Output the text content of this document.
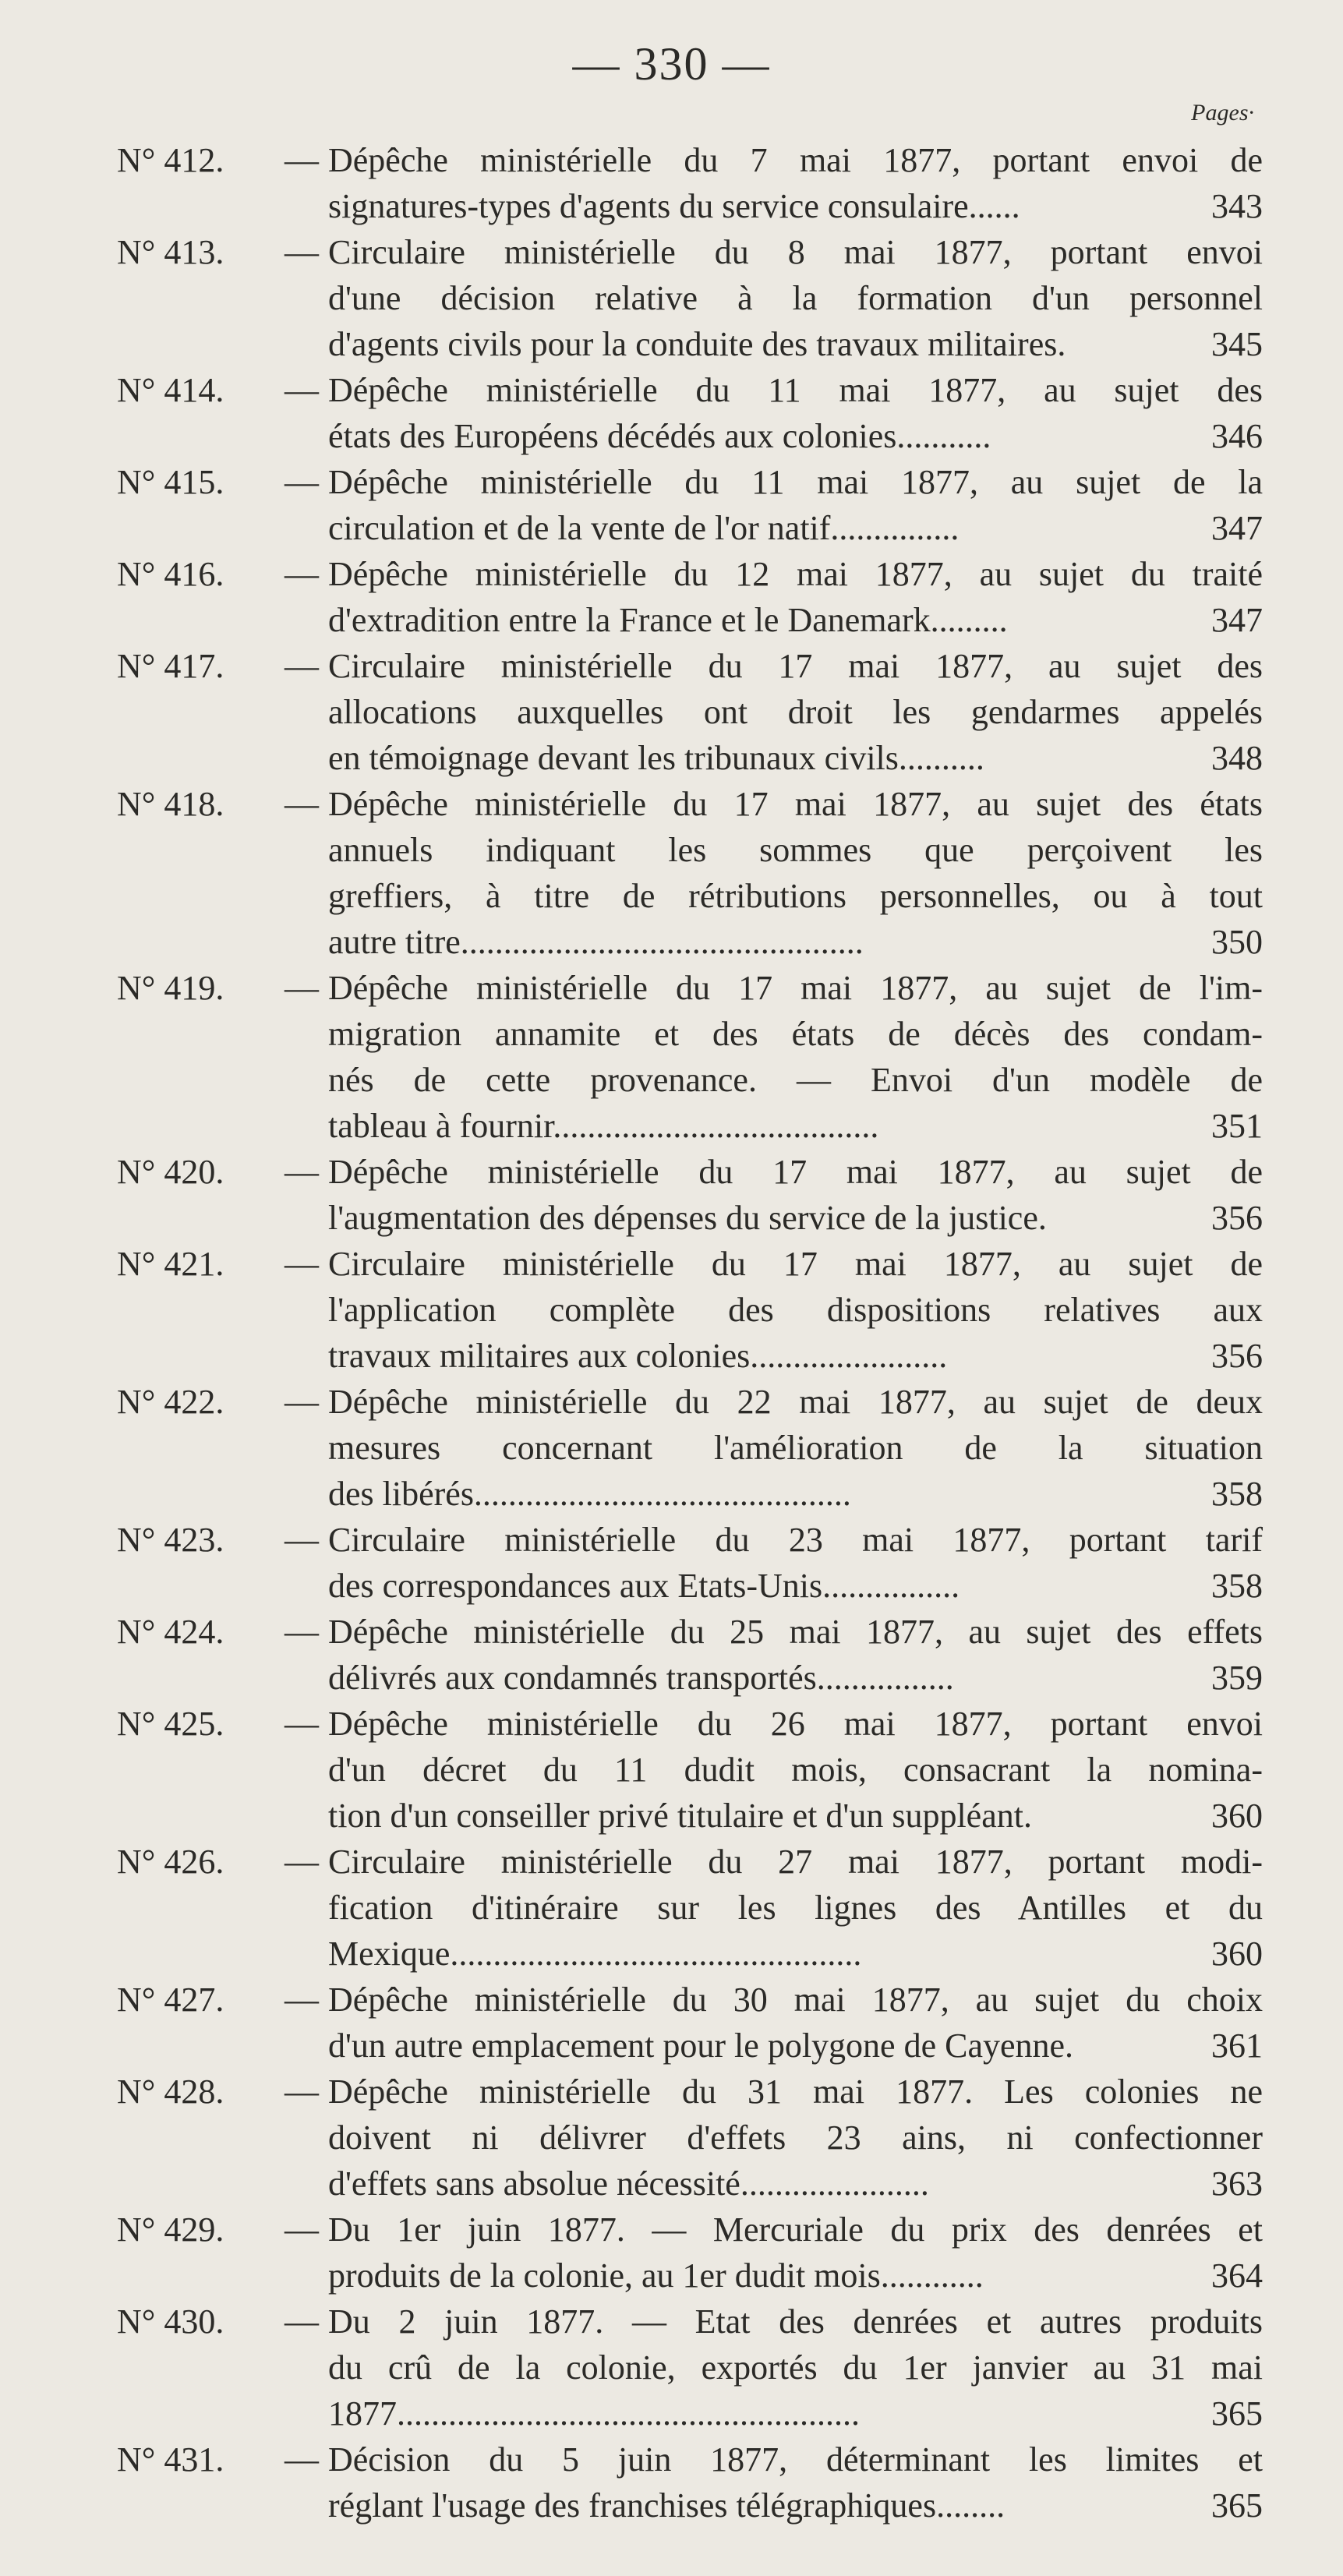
— 330 —
Pages·
N° 412.	— Dépêche ministérielle du 7 mai 1877, portant envoi de
signatures-types d'agents du service consulaire......	343
N° 413.	— Circulaire ministérielle du 8 mai 1877, portant envoi
d'une décision relative à la formation d'un personnel
d'agents civils pour la conduite des travaux militaires.	345
N° 414.	— Dépêche ministérielle du 11 mai 1877, au sujet des
états des Européens décédés aux colonies...........	346
N° 415.	— Dépêche ministérielle du 11 mai 1877, au sujet de la
circulation et de la vente de l'or natif...............	347
N° 416.	— Dépêche ministérielle du 12 mai 1877, au sujet du traité
d'extradition entre la France et le Danemark.........	347
N° 417.	— Circulaire ministérielle du 17 mai 1877, au sujet des
allocations auxquelles ont droit les gendarmes appelés
en témoignage devant les tribunaux civils..........	348
N° 418.	— Dépêche ministérielle du 17 mai 1877, au sujet des états
annuels indiquant les sommes que perçoivent les
greffiers, à titre de rétributions personnelles, ou à tout
autre titre...............................................	350
N° 419.	— Dépêche ministérielle du 17 mai 1877, au sujet de l'im-
migration annamite et des états de décès des condam-
nés de cette provenance. — Envoi d'un modèle de
tableau à fournir......................................	351
N° 420.	— Dépêche ministérielle du 17 mai 1877, au sujet de
l'augmentation des dépenses du service de la justice.	356
N° 421.	— Circulaire ministérielle du 17 mai 1877, au sujet de
l'application complète des dispositions relatives aux
travaux militaires aux colonies.......................	356
N° 422.	— Dépêche ministérielle du 22 mai 1877, au sujet de deux
mesures concernant l'amélioration de la situation
des libérés............................................	358
N° 423.	— Circulaire ministérielle du 23 mai 1877, portant tarif
des correspondances aux Etats-Unis................	358
N° 424.	— Dépêche ministérielle du 25 mai 1877, au sujet des effets
délivrés aux condamnés transportés................	359
N° 425.	— Dépêche ministérielle du 26 mai 1877, portant envoi
d'un décret du 11 dudit mois, consacrant la nomina-
tion d'un conseiller privé titulaire et d'un suppléant.	360
N° 426.	— Circulaire ministérielle du 27 mai 1877, portant modi-
fication d'itinéraire sur les lignes des Antilles et du
Mexique................................................	360
N° 427.	— Dépêche ministérielle du 30 mai 1877, au sujet du choix
d'un autre emplacement pour le polygone de Cayenne.	361
N° 428.	— Dépêche ministérielle du 31 mai 1877. Les colonies ne
doivent ni délivrer d'effets 23 ains, ni confectionner
d'effets sans absolue nécessité......................	363
N° 429.	— Du 1er juin 1877. — Mercuriale du prix des denrées et
produits de la colonie, au 1er dudit mois............	364
N° 430.	— Du 2 juin 1877. — Etat des denrées et autres produits
du crû de la colonie, exportés du 1er janvier au 31 mai
1877......................................................	365
N° 431.	— Décision du 5 juin 1877, déterminant les limites et
réglant l'usage des franchises télégraphiques........	365
